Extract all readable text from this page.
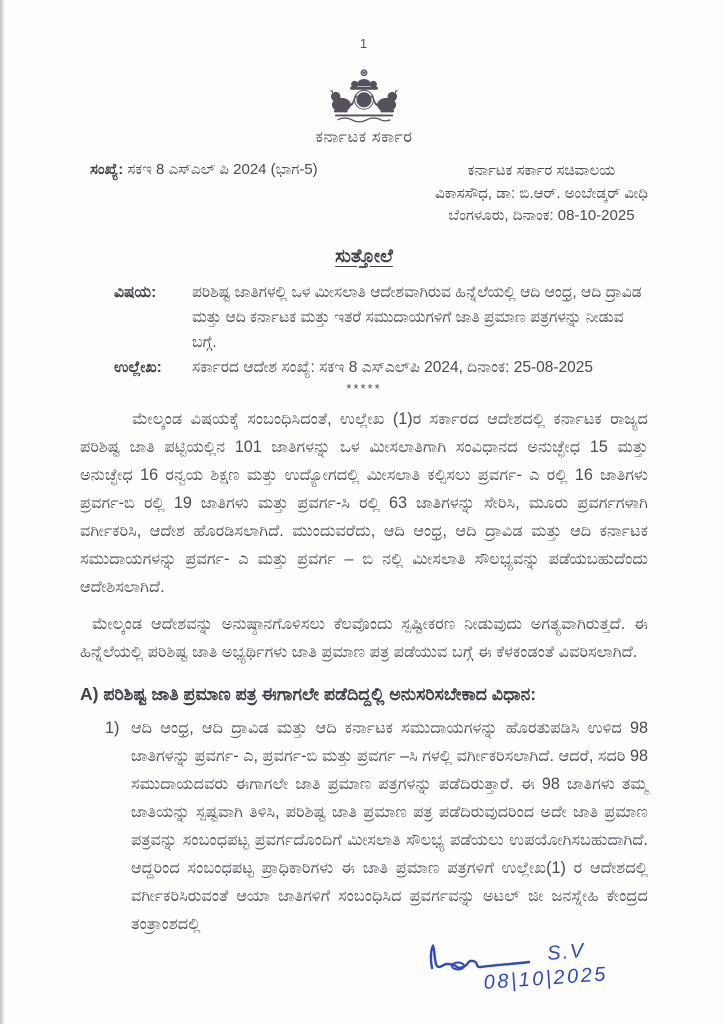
1
ಕರ್ನಾಟಕ ಸರ್ಕಾರ
ಸಂಖ್ಯೆ: ಸಕಇ 8 ಎಸ್ಎಲ್ ಪಿ 2024 (ಭಾಗ-5)	ಕರ್ನಾಟಕ ಸರ್ಕಾರ ಸಚಿವಾಲಯ
ವಿಕಾಸಸೌಧ, ಡಾ: ಬಿ.ಆರ್. ಅಂಬೇಡ್ಕರ್ ವೀಧಿ
ಬೆಂಗಳೂರು, ದಿನಾಂಕ: 08-10-2025
ಸುತ್ತೋಲೆ
ವಿಷಯ:	ಪರಿಶಿಷ್ಟ ಜಾತಿಗಳಲ್ಲಿ ಒಳ ಮೀಸಲಾತಿ ಆದೇಶವಾಗಿರುವ ಹಿನ್ನೆಲೆಯಲ್ಲಿ ಆದಿ ಆಂಧ್ರ, ಆದಿ ದ್ರಾವಿಡ ಮತ್ತು ಆದಿ ಕರ್ನಾಟಕ ಮತ್ತು ಇತರೆ ಸಮುದಾಯಗಳಿಗೆ ಜಾತಿ ಪ್ರಮಾಣ ಪತ್ರಗಳನ್ನು ನೀಡುವ ಬಗ್ಗೆ.
ಉಲ್ಲೇಖ:	ಸರ್ಕಾರದ ಆದೇಶ ಸಂಖ್ಯೆ: ಸಕಇ 8 ಎಸ್ಎಲ್‌ಪಿ 2024, ದಿನಾಂಕ: 25-08-2025
*****

ಮೇಲ್ಕಂಡ ವಿಷಯಕ್ಕೆ ಸಂಬಂಧಿಸಿದಂತೆ, ಉಲ್ಲೇಖ (1)ರ ಸರ್ಕಾರದ ಆದೇಶದಲ್ಲಿ ಕರ್ನಾಟಕ ರಾಜ್ಯದ ಪರಿಶಿಷ್ಟ ಜಾತಿ ಪಟ್ಟಿಯಲ್ಲಿನ 101 ಜಾತಿಗಳನ್ನು ಒಳ ಮೀಸಲಾತಿಗಾಗಿ ಸಂವಿಧಾನದ ಅನುಚ್ಛೇಧ 15 ಮತ್ತು ಅನುಚ್ಛೇಧ 16 ರನ್ವಯ ಶಿಕ್ಷಣ ಮತ್ತು ಉದ್ಯೋಗದಲ್ಲಿ ಮೀಸಲಾತಿ ಕಲ್ಪಿಸಲು ಪ್ರವರ್ಗ- ಎ ರಲ್ಲಿ 16 ಜಾತಿಗಳು ಪ್ರವರ್ಗ-ಬಿ ರಲ್ಲಿ 19 ಜಾತಿಗಳು ಮತ್ತು ಪ್ರವರ್ಗ-ಸಿ ರಲ್ಲಿ 63 ಜಾತಿಗಳನ್ನು ಸೇರಿಸಿ, ಮೂರು ಪ್ರವರ್ಗಗಳಾಗಿ ವರ್ಗೀಕರಿಸಿ, ಆದೇಶ ಹೊರಡಿಸಲಾಗಿದೆ. ಮುಂದುವರೆದು, ಆದಿ ಆಂಧ್ರ, ಆದಿ ದ್ರಾವಿಡ ಮತ್ತು ಆದಿ ಕರ್ನಾಟಕ ಸಮುದಾಯಗಳನ್ನು ಪ್ರವರ್ಗ- ಎ ಮತ್ತು ಪ್ರವರ್ಗ – ಬಿ ನಲ್ಲಿ ಮೀಸಲಾತಿ ಸೌಲಭ್ಯವನ್ನು ಪಡೆಯಬಹುದೆಂದು ಆದೇಶಿಸಲಾಗಿದೆ.

ಮೇಲ್ಕಂಡ ಆದೇಶವನ್ನು ಅನುಷ್ಠಾನಗೊಳಿಸಲು ಕೆಲವೊಂದು ಸ್ಪಷ್ಟೀಕರಣ ನೀಡುವುದು ಅಗತ್ಯವಾಗಿರುತ್ತದೆ. ಈ ಹಿನ್ನೆಲೆಯಲ್ಲಿ ಪರಿಶಿಷ್ಟ ಜಾತಿ ಅಭ್ಯರ್ಥಿಗಳು ಜಾತಿ ಪ್ರಮಾಣ ಪತ್ರ ಪಡೆಯುವ ಬಗ್ಗೆ ಈ ಕೆಳಕಂಡಂತೆ ವಿವರಿಸಲಾಗಿದೆ.

A) ಪರಿಶಿಷ್ಟ ಜಾತಿ ಪ್ರಮಾಣ ಪತ್ರ ಈಗಾಗಲೇ ಪಡೆದಿದ್ದಲ್ಲಿ ಅನುಸರಿಸಬೇಕಾದ ವಿಧಾನ:
1) ಆದಿ ಆಂಧ್ರ, ಆದಿ ದ್ರಾವಿಡ ಮತ್ತು ಆದಿ ಕರ್ನಾಟಕ ಸಮುದಾಯಗಳನ್ನು ಹೊರತುಪಡಿಸಿ ಉಳಿದ 98 ಜಾತಿಗಳನ್ನು ಪ್ರವರ್ಗ- ಎ, ಪ್ರವರ್ಗ-ಬಿ ಮತ್ತು ಪ್ರವರ್ಗ –ಸಿ ಗಳಲ್ಲಿ ವರ್ಗೀಕರಿಸಲಾಗಿದೆ. ಆದರೆ, ಸದರಿ 98 ಸಮುದಾಯದವರು ಈಗಾಗಲೇ ಜಾತಿ ಪ್ರಮಾಣ ಪತ್ರಗಳನ್ನು ಪಡೆದಿರುತ್ತಾರೆ. ಈ 98 ಜಾತಿಗಳು ತಮ್ಮ ಜಾತಿಯನ್ನು ಸ್ಪಷ್ಟವಾಗಿ ತಿಳಿಸಿ, ಪರಿಶಿಷ್ಟ ಜಾತಿ ಪ್ರಮಾಣ ಪತ್ರ ಪಡೆದಿರುವುದರಿಂದ ಅದೇ ಜಾತಿ ಪ್ರಮಾಣ ಪತ್ರವನ್ನು ಸಂಬಂಧಪಟ್ಟ ಪ್ರವರ್ಗದೊಂದಿಗೆ ಮೀಸಲಾತಿ ಸೌಲಭ್ಯ ಪಡೆಯಲು ಉಪಯೋಗಿಸಬಹುದಾಗಿದೆ. ಆದ್ದರಿಂದ ಸಂಬಂಧಪಟ್ಟ ಪ್ರಾಧಿಕಾರಿಗಳು ಈ ಜಾತಿ ಪ್ರಮಾಣ ಪತ್ರಗಳಿಗೆ ಉಲ್ಲೇಖ(1) ರ ಆದೇಶದಲ್ಲಿ ವರ್ಗೀಕರಿಸಿರುವಂತೆ ಆಯಾ ಜಾತಿಗಳಿಗೆ ಸಂಬಂಧಿಸಿದ ಪ್ರವರ್ಗವನ್ನು ಅಟಲ್ ಜೀ ಜನಸ್ನೇಹಿ ಕೇಂದ್ರದ ತಂತ್ರಾಂಶದಲ್ಲಿ
S.V
08|10|2025
